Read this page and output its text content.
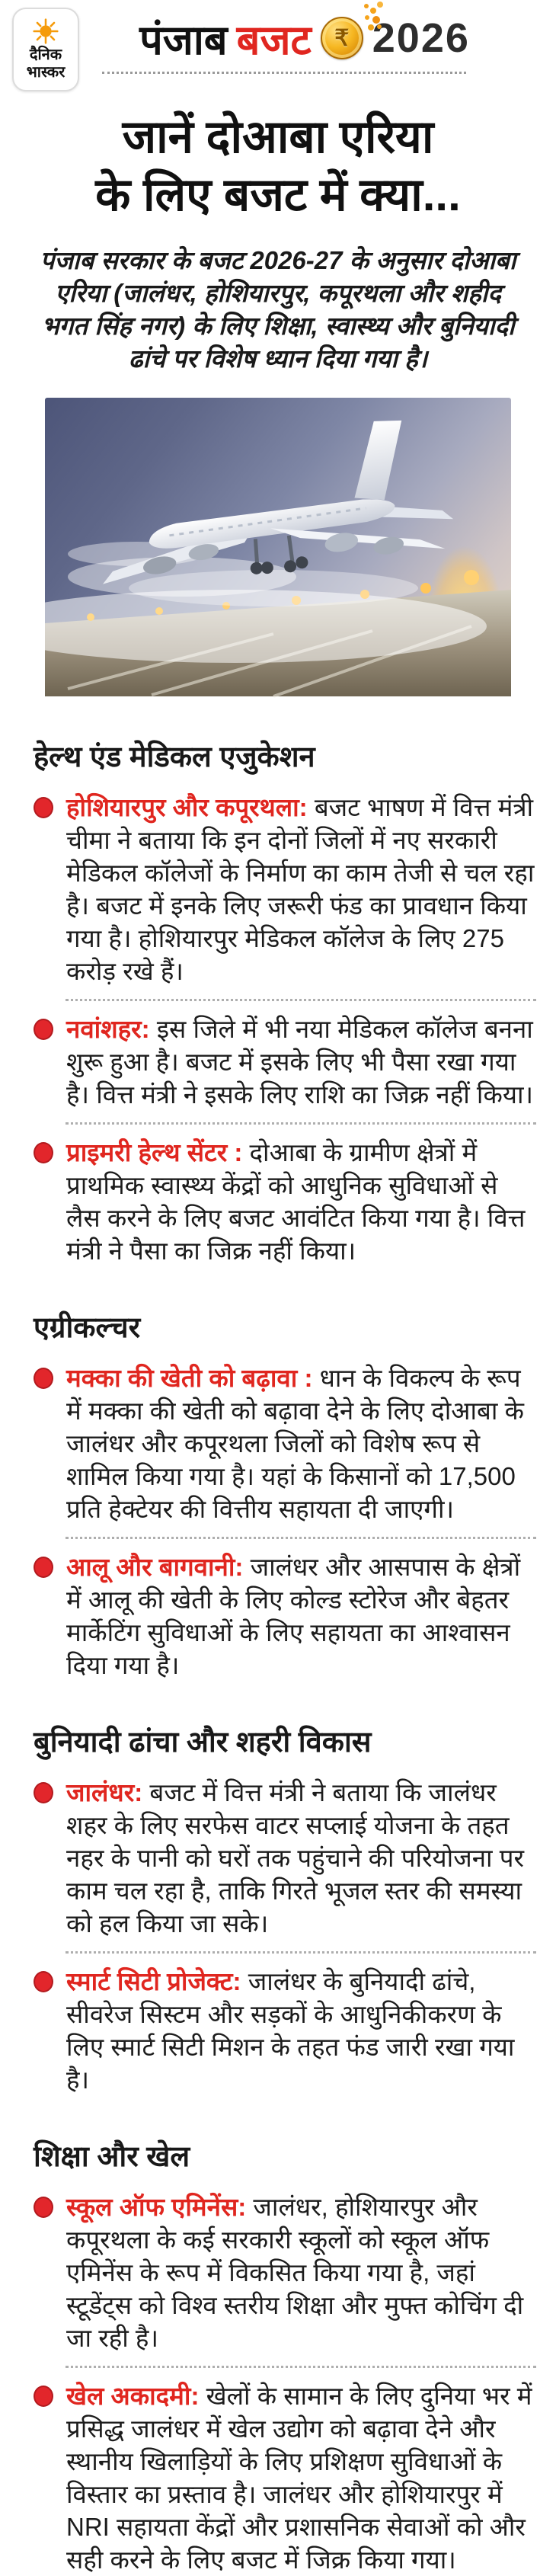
दैनिक
भास्कर
पंजाब बजट ₹ 2026
जानें दोआबा एरिया
के लिए बजट में क्या...

पंजाब सरकार के बजट 2026-27 के अनुसार दोआबा एरिया (जालंधर, होशियारपुर, कपूरथला और शहीद भगत सिंह नगर) के लिए शिक्षा, स्वास्थ्य और बुनियादी ढांचे पर विशेष ध्यान दिया गया है।

हेल्थ एंड मेडिकल एजुकेशन

होशियारपुर और कपूरथला: बजट भाषण में वित्त मंत्री चीमा ने बताया कि इन दोनों जिलों में नए सरकारी मेडिकल कॉलेजों के निर्माण का काम तेजी से चल रहा है। बजट में इनके लिए जरूरी फंड का प्रावधान किया गया है। होशियारपुर मेडिकल कॉलेज के लिए 275 करोड़ रखे हैं।

नवांशहर: इस जिले में भी नया मेडिकल कॉलेज बनना शुरू हुआ है। बजट में इसके लिए भी पैसा रखा गया है। वित्त मंत्री ने इसके लिए राशि का जिक्र नहीं किया।

प्राइमरी हेल्थ सेंटर : दोआबा के ग्रामीण क्षेत्रों में प्राथमिक स्वास्थ्य केंद्रों को आधुनिक सुविधाओं से लैस करने के लिए बजट आवंटित किया गया है। वित्त मंत्री ने पैसा का जिक्र नहीं किया।

एग्रीकल्चर

मक्का की खेती को बढ़ावा : धान के विकल्प के रूप में मक्का की खेती को बढ़ावा देने के लिए दोआबा के जालंधर और कपूरथला जिलों को विशेष रूप से शामिल किया गया है। यहां के किसानों को 17,500 प्रति हेक्टेयर की वित्तीय सहायता दी जाएगी।

आलू और बागवानी: जालंधर और आसपास के क्षेत्रों में आलू की खेती के लिए कोल्ड स्टोरेज और बेहतर मार्केटिंग सुविधाओं के लिए सहायता का आश्वासन दिया गया है।

बुनियादी ढांचा और शहरी विकास

जालंधर: बजट में वित्त मंत्री ने बताया कि जालंधर शहर के लिए सरफेस वाटर सप्लाई योजना के तहत नहर के पानी को घरों तक पहुंचाने की परियोजना पर काम चल रहा है, ताकि गिरते भूजल स्तर की समस्या को हल किया जा सके।

स्मार्ट सिटी प्रोजेक्ट: जालंधर के बुनियादी ढांचे, सीवरेज सिस्टम और सड़कों के आधुनिकीकरण के लिए स्मार्ट सिटी मिशन के तहत फंड जारी रखा गया है।

शिक्षा और खेल

स्कूल ऑफ एमिनेंस: जालंधर, होशियारपुर और कपूरथला के कई सरकारी स्कूलों को स्कूल ऑफ एमिनेंस के रूप में विकसित किया गया है, जहां स्टूडेंट्स को विश्व स्तरीय शिक्षा और मुफ्त कोचिंग दी जा रही है।

खेल अकादमी: खेलों के सामान के लिए दुनिया भर में प्रसिद्ध जालंधर में खेल उद्योग को बढ़ावा देने और स्थानीय खिलाड़ियों के लिए प्रशिक्षण सुविधाओं के विस्तार का प्रस्ताव है। जालंधर और होशियारपुर में NRI सहायता केंद्रों और प्रशासनिक सेवाओं को और सही करने के लिए बजट में जिक्र किया गया।
